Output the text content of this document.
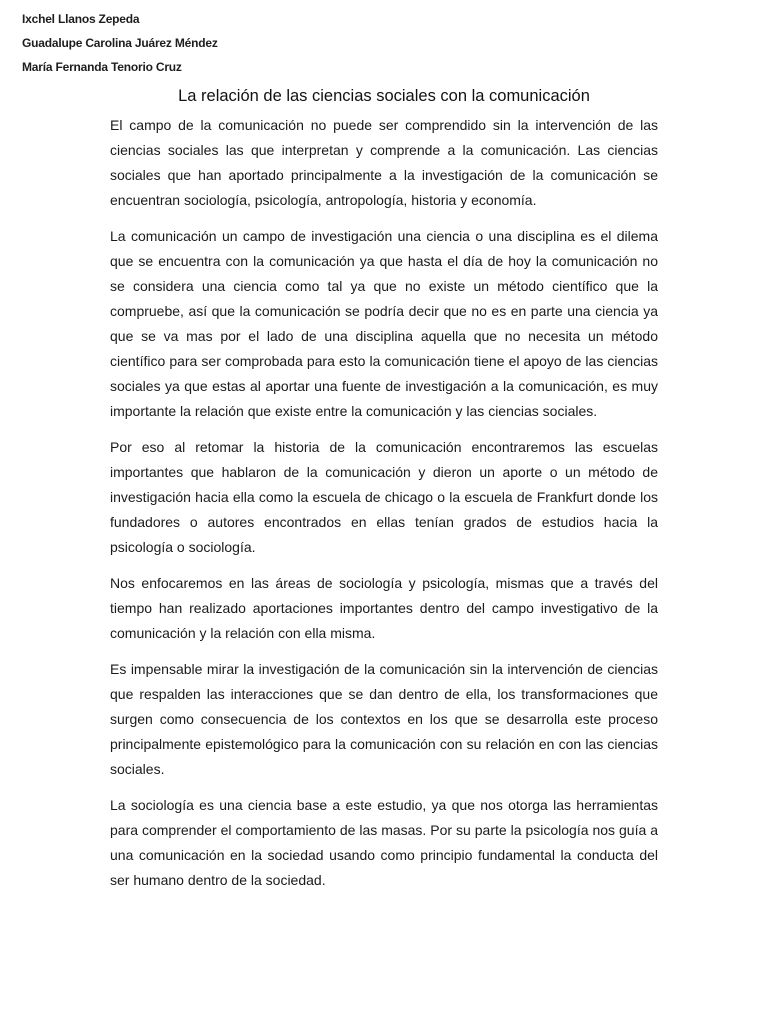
Ixchel Llanos Zepeda
Guadalupe Carolina Juárez Méndez
María Fernanda Tenorio Cruz
La relación de las ciencias sociales con la comunicación

El campo de la comunicación no puede ser comprendido sin la intervención de las ciencias sociales las que interpretan y comprende a la comunicación. Las ciencias sociales que han aportado principalmente a la investigación de la comunicación se encuentran sociología, psicología, antropología, historia y economía.

La comunicación un campo de investigación una ciencia o una disciplina es el dilema que se encuentra con la comunicación ya que hasta el día de hoy la comunicación no se considera una ciencia como tal ya que no existe un método científico que la compruebe, así que la comunicación se podría decir que no es en parte una ciencia ya que se va mas por el lado de una disciplina aquella que no necesita un método científico para ser comprobada para esto la comunicación tiene el apoyo de las ciencias sociales ya que estas al aportar una fuente de investigación a la comunicación, es muy importante la relación que existe entre la comunicación y las ciencias sociales.

Por eso al retomar la historia de la comunicación encontraremos las escuelas importantes que hablaron de la comunicación y dieron un aporte o un método de investigación hacia ella como la escuela de chicago o la escuela de Frankfurt donde los fundadores o autores encontrados en ellas tenían grados de estudios hacia la psicología o sociología.

Nos enfocaremos en las áreas de sociología y psicología, mismas que a través del tiempo han realizado aportaciones importantes dentro del campo investigativo de la comunicación y la relación con ella misma.

Es impensable mirar la investigación de la comunicación sin la intervención de ciencias que respalden las interacciones que se dan dentro de ella, los transformaciones que surgen como consecuencia de los contextos en los que se desarrolla este proceso principalmente epistemológico para la comunicación con su relación en con las ciencias sociales.

La sociología es una ciencia base a este estudio, ya que nos otorga las herramientas para comprender el comportamiento de las masas. Por su parte la psicología nos guía a una comunicación en la sociedad usando como principio fundamental la conducta del ser humano dentro de la sociedad.
